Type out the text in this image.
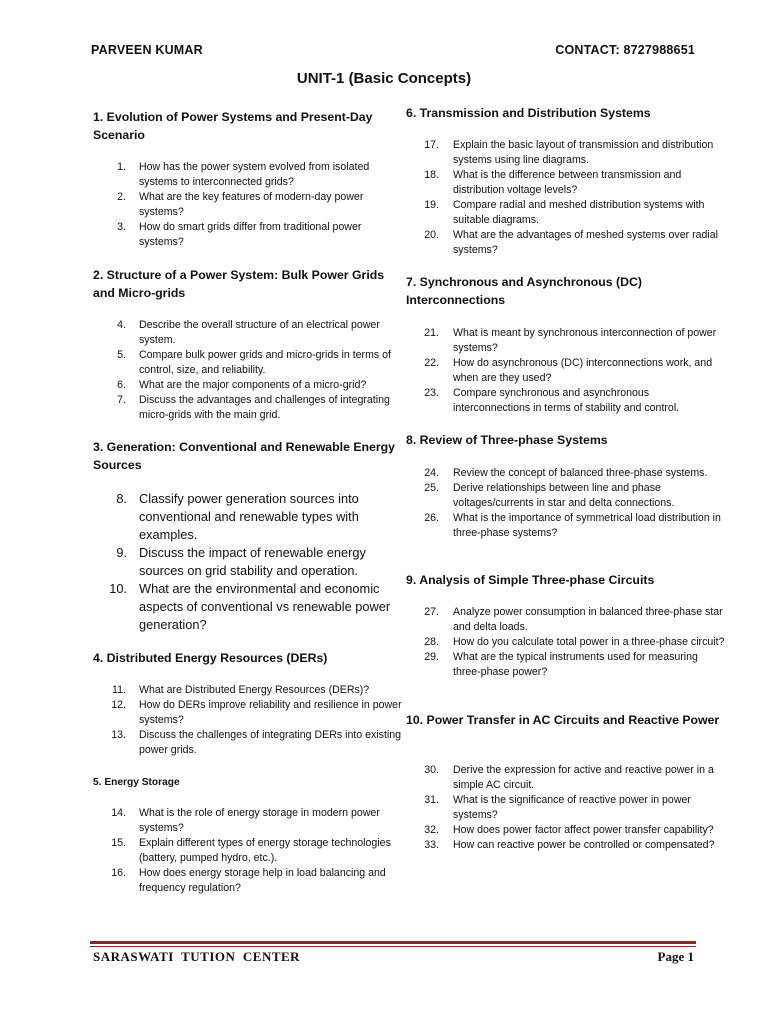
PARVEEN KUMAR	CONTACT: 8727988651
UNIT-1 (Basic Concepts)
1. Evolution of Power Systems and Present-Day Scenario
1. How has the power system evolved from isolated systems to interconnected grids?
2. What are the key features of modern-day power systems?
3. How do smart grids differ from traditional power systems?
2. Structure of a Power System: Bulk Power Grids and Micro-grids
4. Describe the overall structure of an electrical power system.
5. Compare bulk power grids and micro-grids in terms of control, size, and reliability.
6. What are the major components of a micro-grid?
7. Discuss the advantages and challenges of integrating micro-grids with the main grid.
3. Generation: Conventional and Renewable Energy Sources
8. Classify power generation sources into conventional and renewable types with examples.
9. Discuss the impact of renewable energy sources on grid stability and operation.
10. What are the environmental and economic aspects of conventional vs renewable power generation?
4. Distributed Energy Resources (DERs)
11. What are Distributed Energy Resources (DERs)?
12. How do DERs improve reliability and resilience in power systems?
13. Discuss the challenges of integrating DERs into existing power grids.
5. Energy Storage
14. What is the role of energy storage in modern power systems?
15. Explain different types of energy storage technologies (battery, pumped hydro, etc.).
16. How does energy storage help in load balancing and frequency regulation?
6. Transmission and Distribution Systems
17. Explain the basic layout of transmission and distribution systems using line diagrams.
18. What is the difference between transmission and distribution voltage levels?
19. Compare radial and meshed distribution systems with suitable diagrams.
20. What are the advantages of meshed systems over radial systems?
7. Synchronous and Asynchronous (DC) Interconnections
21. What is meant by synchronous interconnection of power systems?
22. How do asynchronous (DC) interconnections work, and when are they used?
23. Compare synchronous and asynchronous interconnections in terms of stability and control.
8. Review of Three-phase Systems
24. Review the concept of balanced three-phase systems.
25. Derive relationships between line and phase voltages/currents in star and delta connections.
26. What is the importance of symmetrical load distribution in three-phase systems?
9. Analysis of Simple Three-phase Circuits
27. Analyze power consumption in balanced three-phase star and delta loads.
28. How do you calculate total power in a three-phase circuit?
29. What are the typical instruments used for measuring three-phase power?
10. Power Transfer in AC Circuits and Reactive Power
30. Derive the expression for active and reactive power in a simple AC circuit.
31. What is the significance of reactive power in power systems?
32. How does power factor affect power transfer capability?
33. How can reactive power be controlled or compensated?
SARASWATI  TUTION  CENTER	Page 1
